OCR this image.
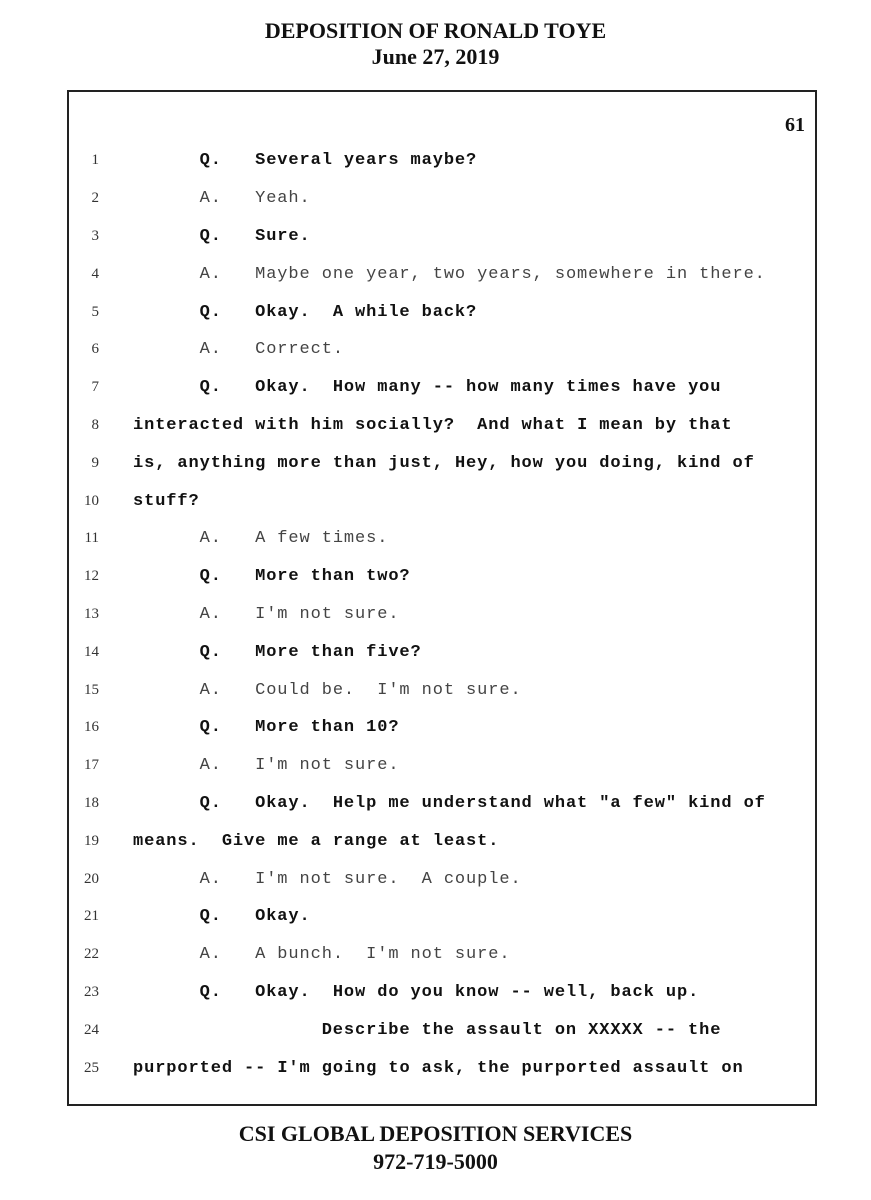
DEPOSITION OF RONALD TOYE
June 27, 2019
61
1	Q.   Several years maybe?
2	A.   Yeah.
3	Q.   Sure.
4	A.   Maybe one year, two years, somewhere in there.
5	Q.   Okay.  A while back?
6	A.   Correct.
7	Q.   Okay.  How many -- how many times have you
8 interacted with him socially?  And what I mean by that
9 is, anything more than just, Hey, how you doing, kind of
10 stuff?
11	A.   A few times.
12	Q.   More than two?
13	A.   I'm not sure.
14	Q.   More than five?
15	A.   Could be.  I'm not sure.
16	Q.   More than 10?
17	A.   I'm not sure.
18	Q.   Okay.  Help me understand what "a few" kind of
19 means.  Give me a range at least.
20	A.   I'm not sure.  A couple.
21	Q.   Okay.
22	A.   A bunch.  I'm not sure.
23	Q.   Okay.  How do you know -- well, back up.
24	Describe the assault on XXXXX -- the
25 purported -- I'm going to ask, the purported assault on
CSI GLOBAL DEPOSITION SERVICES
972-719-5000
